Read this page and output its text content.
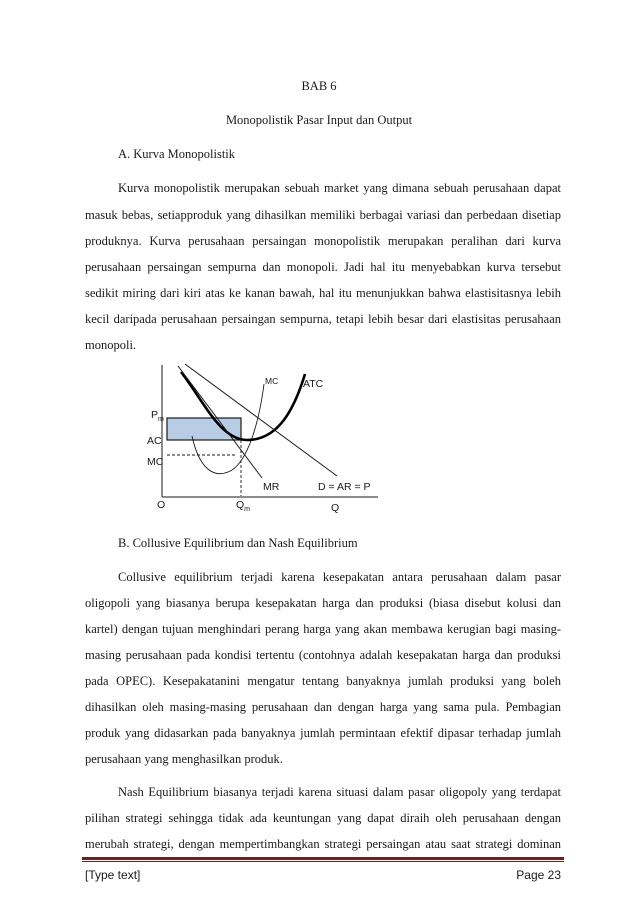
BAB 6
Monopolistik Pasar Input dan Output
A. Kurva Monopolistik
Kurva monopolistik merupakan sebuah market yang dimana sebuah perusahaan dapat
masuk bebas, setiapproduk yang dihasilkan memiliki berbagai variasi dan perbedaan disetiap
produknya. Kurva perusahaan persaingan monopolistik merupakan peralihan dari kurva
perusahaan persaingan sempurna dan monopoli. Jadi hal itu menyebabkan kurva tersebut
sedikit miring dari kiri atas ke kanan bawah, hal itu menunjukkan bahwa elastisitasnya lebih
kecil daripada perusahaan persaingan sempurna, tetapi lebih besar dari elastisitas perusahaan
monopoli.
MC ATC
$P_m$
AC
MC
MR	D = AR = P
O	$Q_m$	Q
B. Collusive Equilibrium dan Nash Equilibrium
Collusive equilibrium terjadi karena kesepakatan antara perusahaan dalam pasar
oligopoli yang biasanya berupa kesepakatan harga dan produksi (biasa disebut kolusi dan
kartel) dengan tujuan menghindari perang harga yang akan membawa kerugian bagi masing-
masing perusahaan pada kondisi tertentu (contohnya adalah kesepakatan harga dan produksi
pada OPEC). Kesepakatanini mengatur tentang banyaknya jumlah produksi yang boleh
dihasilkan oleh masing-masing perusahaan dan dengan harga yang sama pula. Pembagian
produk yang didasarkan pada banyaknya jumlah permintaan efektif dipasar terhadap jumlah
perusahaan yang menghasilkan produk.
Nash Equilibrium biasanya terjadi karena situasi dalam pasar oligopoly yang terdapat
pilihan strategi sehingga tidak ada keuntungan yang dapat diraih oleh perusahaan dengan
merubah strategi, dengan mempertimbangkan strategi persaingan atau saat strategi dominan
[Type text]	Page 23
